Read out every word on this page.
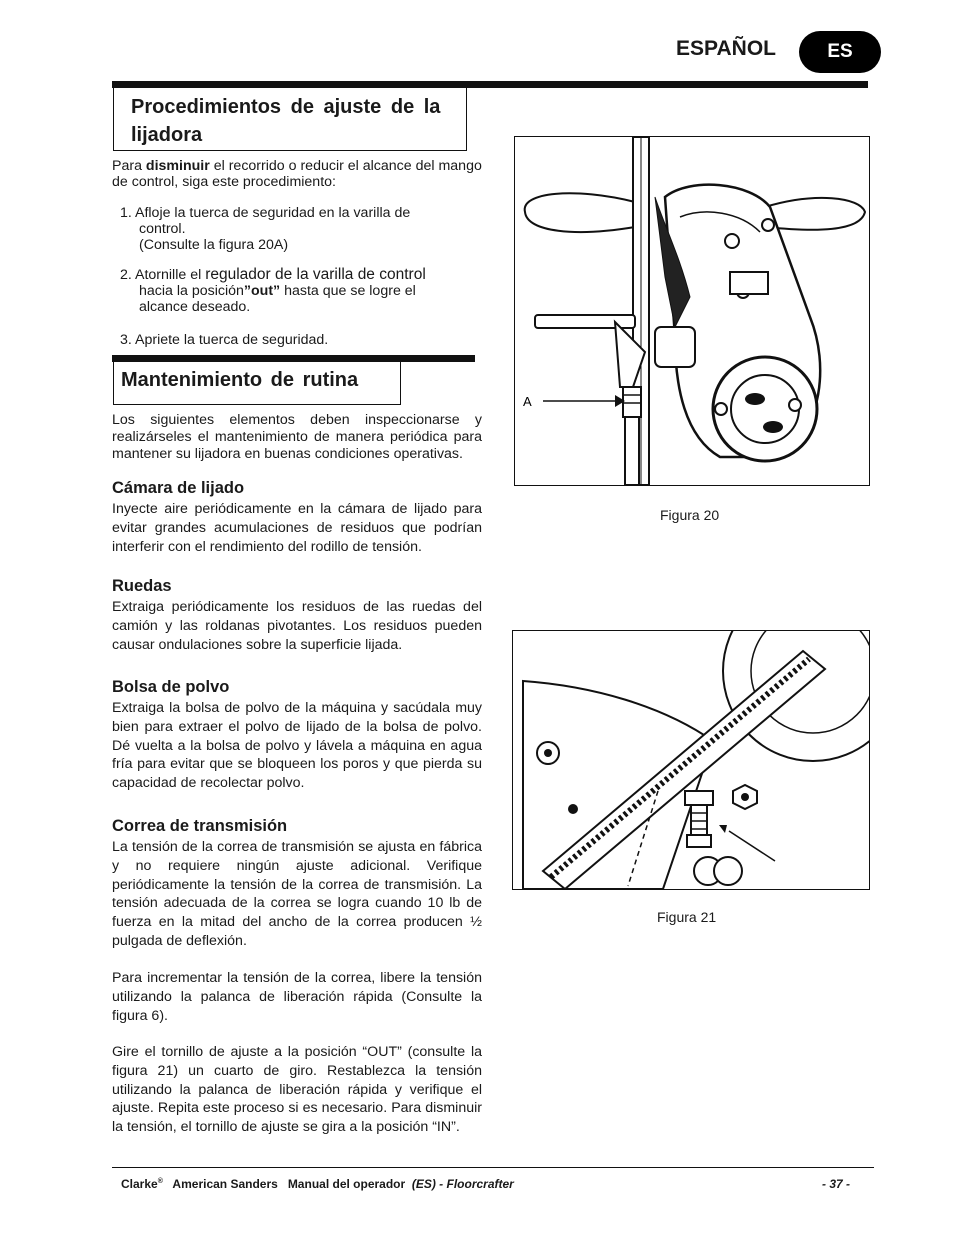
ESPAÑOL	ES
Procedimientos de ajuste de la lijadora
Para disminuir el recorrido o reducir el alcance del mango de control, siga este procedimiento:
1. Afloje la tuerca de seguridad en la varilla de
control.
(Consulte la figura 20A)
2. Atornille el regulador de la varilla de control
hacia la posición”out” hasta que se logre el
alcance deseado.
3. Apriete la tuerca de seguridad.
Mantenimiento de rutina
Los siguientes elementos deben inspeccionarse y realizárseles el mantenimiento de manera periódica para mantener su lijadora en buenas condiciones operativas.
Cámara de lijado
Inyecte aire periódicamente en la cámara de lijado para evitar grandes acumulaciones de residuos que podrían interferir con el rendimiento del rodillo de tensión.
Ruedas
Extraiga periódicamente los residuos de las ruedas del camión y las roldanas pivotantes. Los residuos pueden causar ondulaciones sobre la superficie lijada.
Bolsa de polvo
Extraiga la bolsa de polvo de la máquina y sacúdala muy bien para extraer el polvo de lijado de la bolsa de polvo. Dé vuelta a la bolsa de polvo y lávela a máquina en agua fría para evitar que se bloqueen los poros y que pierda su capacidad de recolectar polvo.
Correa de transmisión
La tensión de la correa de transmisión se ajusta en fábrica y no requiere ningún ajuste adicional. Verifique periódicamente la tensión de la correa de transmisión. La tensión adecuada de la correa se logra cuando 10 lb de fuerza en la mitad del ancho de la correa producen ½ pulgada de deflexión.
Para incrementar la tensión de la correa, libere la tensión utilizando la palanca de liberación rápida (Consulte la figura 6).
Gire el tornillo de ajuste a la posición “OUT” (consulte la figura 21) un cuarto de giro. Restablezca la tensión utilizando la palanca de liberación rápida y verifique el ajuste. Repita este proceso si es necesario. Para disminuir la tensión, el tornillo de ajuste se gira a la posición “IN”.
A
Figura 20
Figura 21
Clarke®   American Sanders   Manual del operador  (ES) - Floorcrafter	- 37 -
